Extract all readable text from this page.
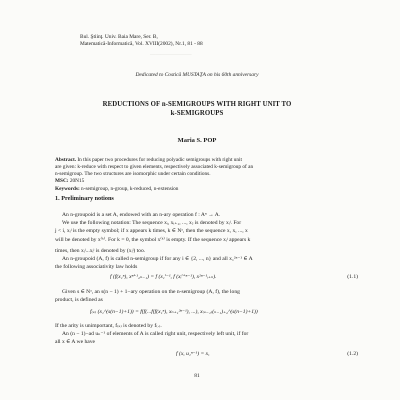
Bul. Ştiinţ. Univ. Baia Mare, Ser. B,
Matematică-Informatică, Vol. XVIII(2002), Nr.1, 81 - 88
————————
Dedicated to Costică MUSTAŢA on his 60th anniversary
REDUCTIONS OF n-SEMIGROUPS WITH RIGHT UNIT TO
k-SEMIGROUPS
Maria S. POP
Abstract. In this paper two procedures for reducing polyadic semigroups with right unit
are given: k-reduce with respect to given elements, respectively associated k-semigroup of an
n-semigroup. The two structures are isomorphic under certain conditions.
MSC: 20N15
Keywords: n-semigroup, n-group, k-reduced, n-extension
1. Preliminary notions
An n-groupoid is a set A, endowed with an n-ary operation f : Aⁿ → A.
We use the following notation: The sequence xᵢ, xᵢ₊₁, ..., xⱼ is denoted by xᵢʲ. For
j < i, xᵢʲ is the empty symbol; if x appears k times, k ∈ Nᵃ, then the sequence x, x, ..., x
will be denoted by x⁽ᵏ⁾. For k = 0, the symbol x⁽ᵏ⁾ is empty. If the sequence xᵢʲ appears k
times, then xᵢʲ...xᵢʲ is denoted by (xᵢʲ) too.
An n-groupoid (A, f) is called n-semigroup if for any i ∈ {2, ..., n} and all x₁²ⁿ⁻¹ ∈ A
the following associativity law holds
f (f(x₁ⁿ), xⁿ⁺¹₂ₙ₋₁) = f (x₁ⁱ⁻¹, f (xᵢⁱ⁺ⁿ⁻¹), x²ⁿ⁻¹ᵢ₊ₙ).	(1.1)
Given s ∈ Nᵃ, an s(n − 1) + 1−ary operation on the n-semigroup (A, f), the long
product, is defined as
f₍ₛ₎ (x₁^(s(n−1)+1)) = f(f(...f(f(x₁ⁿ), xₙ₊₁²ⁿ⁻¹), ...), x₍ₛ₋₁₎(ₙ₋₁)₊₂^(s(n−1)+1))
If the arity is unimportant, f₍ₛ₎ is denoted by f₍.₎.
An (n − 1)−ad uₙ⁻¹ of elements of A is called right unit, respectively left unit, if for
all x ∈ A we have
f (x, u₁ⁿ⁻¹) = x,	(1.2)
81
